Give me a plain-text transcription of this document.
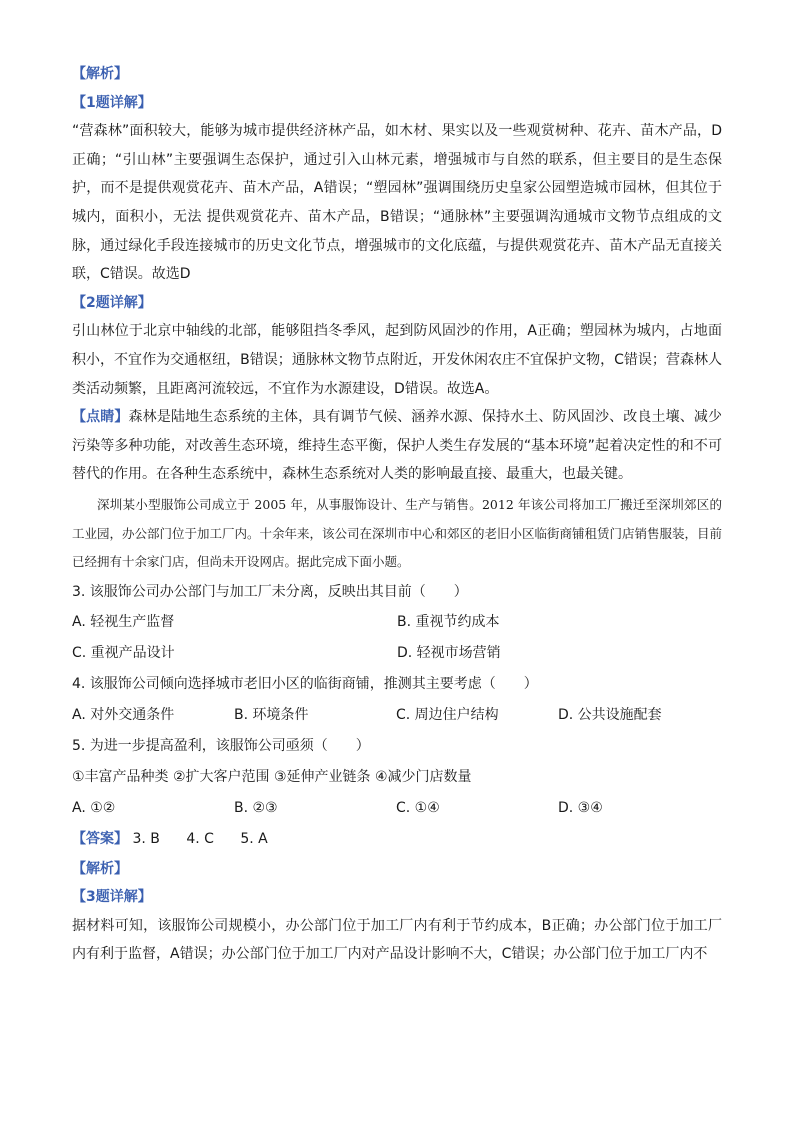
【解析】
【1题详解】
“营森林”面积较大，能够为城市提供经济林产品，如木材、果实以及一些观赏树种、花卉、苗木产品，D正确；“引山林”主要强调生态保护，通过引入山林元素，增强城市与自然的联系，但主要目的是生态保护，而不是提供观赏花卉、苗木产品，A错误；“塑园林”强调围绕历史皇家公园塑造城市园林，但其位于城内，面积小，无法 提供观赏花卉、苗木产品，B错误；“通脉林”主要强调沟通城市文物节点组成的文脉，通过绿化手段连接城市的历史文化节点，增强城市的文化底蕴，与提供观赏花卉、苗木产品无直接关联，C错误。故选D
【2题详解】
引山林位于北京中轴线的北部，能够阻挡冬季风，起到防风固沙的作用，A正确；塑园林为城内，占地面积小，不宜作为交通枢纽，B错误；通脉林文物节点附近，开发休闲农庄不宜保护文物，C错误；营森林人类活动频繁，且距离河流较远，不宜作为水源建设，D错误。故选A。
【点睛】森林是陆地生态系统的主体，具有调节气候、涵养水源、保持水土、防风固沙、改良土壤、减少污染等多种功能，对改善生态环境，维持生态平衡，保护人类生存发展的“基本环境”起着决定性的和不可替代的作用。在各种生态系统中，森林生态系统对人类的影响最直接、最重大，也最关键。
深圳某小型服饰公司成立于 2005 年，从事服饰设计、生产与销售。2012 年该公司将加工厂搬迁至深圳郊区的工业园，办公部门位于加工厂内。十余年来，该公司在深圳市中心和郊区的老旧小区临街商铺租赁门店销售服装，目前已经拥有十余家门店，但尚未开设网店。据此完成下面小题。
3. 该服饰公司办公部门与加工厂未分离，反映出其目前（　　）
A. 轻视生产监督	B. 重视节约成本
C. 重视产品设计	D. 轻视市场营销
4. 该服饰公司倾向选择城市老旧小区的临街商铺，推测其主要考虑（　　）
A. 对外交通条件	B. 环境条件	C. 周边住户结构	D. 公共设施配套
5. 为进一步提高盈利，该服饰公司亟须（　　）
①丰富产品种类 ②扩大客户范围 ③延伸产业链条 ④减少门店数量
A. ①②	B. ②③	C. ①④	D. ③④
【答案】 3. B 4. C 5. A
【解析】
【3题详解】
据材料可知，该服饰公司规模小，办公部门位于加工厂内有利于节约成本，B正确；办公部门位于加工厂内有利于监督，A错误；办公部门位于加工厂内对产品设计影响不大，C错误；办公部门位于加工厂内不
